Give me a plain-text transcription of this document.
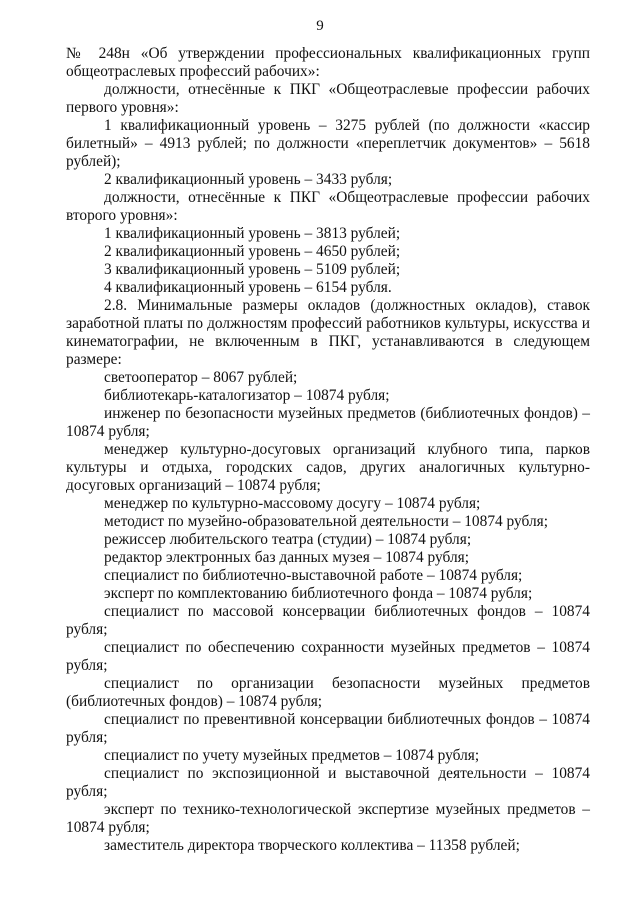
9

№ 248н «Об утверждении профессиональных квалификационных групп общеотраслевых профессий рабочих»:

должности, отнесённые к ПКГ «Общеотраслевые профессии рабочих первого уровня»:

1 квалификационный уровень – 3275 рублей (по должности «кассир билетный» – 4913 рублей; по должности «переплетчик документов» – 5618 рублей);

2 квалификационный уровень – 3433 рубля;

должности, отнесённые к ПКГ «Общеотраслевые профессии рабочих второго уровня»:

1 квалификационный уровень – 3813 рублей;

2 квалификационный уровень – 4650 рублей;

3 квалификационный уровень – 5109 рублей;

4 квалификационный уровень – 6154 рубля.

2.8. Минимальные размеры окладов (должностных окладов), ставок заработной платы по должностям профессий работников культуры, искусства и кинематографии, не включенным в ПКГ, устанавливаются в следующем размере:

светооператор – 8067 рублей;

библиотекарь-каталогизатор – 10874 рубля;

инженер по безопасности музейных предметов (библиотечных фондов) – 10874 рубля;

менеджер культурно-досуговых организаций клубного типа, парков культуры и отдыха, городских садов, других аналогичных культурно-досуговых организаций – 10874 рубля;

менеджер по культурно-массовому досугу – 10874 рубля;

методист по музейно-образовательной деятельности – 10874 рубля;

режиссер любительского театра (студии) – 10874 рубля;

редактор электронных баз данных музея – 10874 рубля;

специалист по библиотечно-выставочной работе – 10874 рубля;

эксперт по комплектованию библиотечного фонда – 10874 рубля;

специалист по массовой консервации библиотечных фондов – 10874 рубля;

специалист по обеспечению сохранности музейных предметов – 10874 рубля;

специалист по организации безопасности музейных предметов (библиотечных фондов) – 10874 рубля;

специалист по превентивной консервации библиотечных фондов – 10874 рубля;

специалист по учету музейных предметов – 10874 рубля;

специалист по экспозиционной и выставочной деятельности – 10874 рубля;

эксперт по технико-технологической экспертизе музейных предметов – 10874 рубля;

заместитель директора творческого коллектива – 11358 рублей;
